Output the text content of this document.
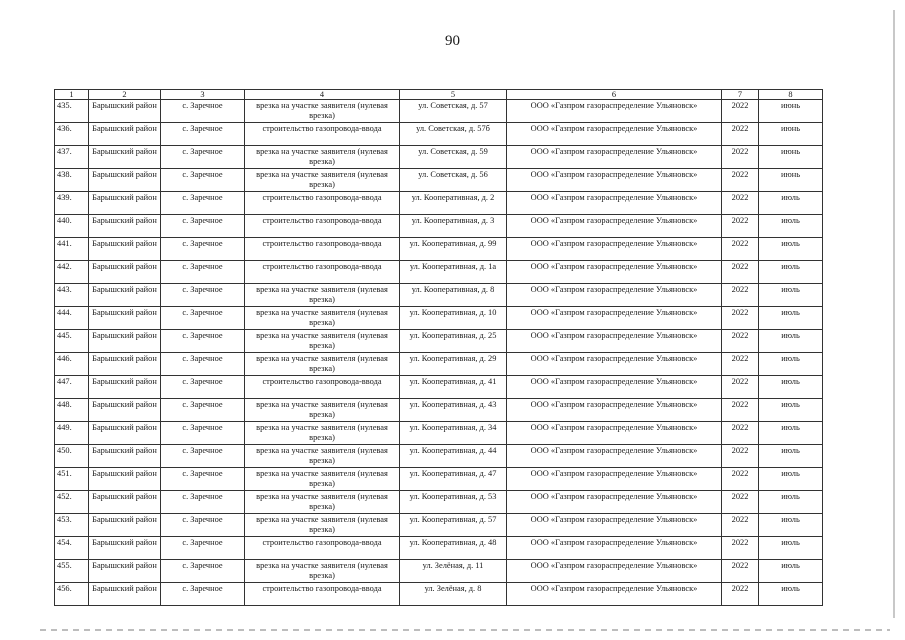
90
1	2	3	4	5	6	7	8
435.	Барышский район	с. Заречное	врезка на участке заявителя (нулевая врезка)	ул. Советская, д. 57	ООО «Газпром газораспределение Ульяновск»	2022	июнь
436.	Барышский район	с. Заречное	строительство газопровода-ввода	ул. Советская, д. 57б	ООО «Газпром газораспределение Ульяновск»	2022	июнь
437.	Барышский район	с. Заречное	врезка на участке заявителя (нулевая врезка)	ул. Советская, д. 59	ООО «Газпром газораспределение Ульяновск»	2022	июнь
438.	Барышский район	с. Заречное	врезка на участке заявителя (нулевая врезка)	ул. Советская, д. 56	ООО «Газпром газораспределение Ульяновск»	2022	июнь
439.	Барышский район	с. Заречное	строительство газопровода-ввода	ул. Кооперативная, д. 2	ООО «Газпром газораспределение Ульяновск»	2022	июль
440.	Барышский район	с. Заречное	строительство газопровода-ввода	ул. Кооперативная, д. 3	ООО «Газпром газораспределение Ульяновск»	2022	июль
441.	Барышский район	с. Заречное	строительство газопровода-ввода	ул. Кооперативная, д. 99	ООО «Газпром газораспределение Ульяновск»	2022	июль
442.	Барышский район	с. Заречное	строительство газопровода-ввода	ул. Кооперативная, д. 1а	ООО «Газпром газораспределение Ульяновск»	2022	июль
443.	Барышский район	с. Заречное	врезка на участке заявителя (нулевая врезка)	ул. Кооперативная, д. 8	ООО «Газпром газораспределение Ульяновск»	2022	июль
444.	Барышский район	с. Заречное	врезка на участке заявителя (нулевая врезка)	ул. Кооперативная, д. 10	ООО «Газпром газораспределение Ульяновск»	2022	июль
445.	Барышский район	с. Заречное	врезка на участке заявителя (нулевая врезка)	ул. Кооперативная, д. 25	ООО «Газпром газораспределение Ульяновск»	2022	июль
446.	Барышский район	с. Заречное	врезка на участке заявителя (нулевая врезка)	ул. Кооперативная, д. 29	ООО «Газпром газораспределение Ульяновск»	2022	июль
447.	Барышский район	с. Заречное	строительство газопровода-ввода	ул. Кооперативная, д. 41	ООО «Газпром газораспределение Ульяновск»	2022	июль
448.	Барышский район	с. Заречное	врезка на участке заявителя (нулевая врезка)	ул. Кооперативная, д. 43	ООО «Газпром газораспределение Ульяновск»	2022	июль
449.	Барышский район	с. Заречное	врезка на участке заявителя (нулевая врезка)	ул. Кооперативная, д. 34	ООО «Газпром газораспределение Ульяновск»	2022	июль
450.	Барышский район	с. Заречное	врезка на участке заявителя (нулевая врезка)	ул. Кооперативная, д. 44	ООО «Газпром газораспределение Ульяновск»	2022	июль
451.	Барышский район	с. Заречное	врезка на участке заявителя (нулевая врезка)	ул. Кооперативная, д. 47	ООО «Газпром газораспределение Ульяновск»	2022	июль
452.	Барышский район	с. Заречное	врезка на участке заявителя (нулевая врезка)	ул. Кооперативная, д. 53	ООО «Газпром газораспределение Ульяновск»	2022	июль
453.	Барышский район	с. Заречное	врезка на участке заявителя (нулевая врезка)	ул. Кооперативная, д. 57	ООО «Газпром газораспределение Ульяновск»	2022	июль
454.	Барышский район	с. Заречное	строительство газопровода-ввода	ул. Кооперативная, д. 48	ООО «Газпром газораспределение Ульяновск»	2022	июль
455.	Барышский район	с. Заречное	врезка на участке заявителя (нулевая врезка)	ул. Зелёная, д. 11	ООО «Газпром газораспределение Ульяновск»	2022	июль
456.	Барышский район	с. Заречное	строительство газопровода-ввода	ул. Зелёная, д. 8	ООО «Газпром газораспределение Ульяновск»	2022	июль
